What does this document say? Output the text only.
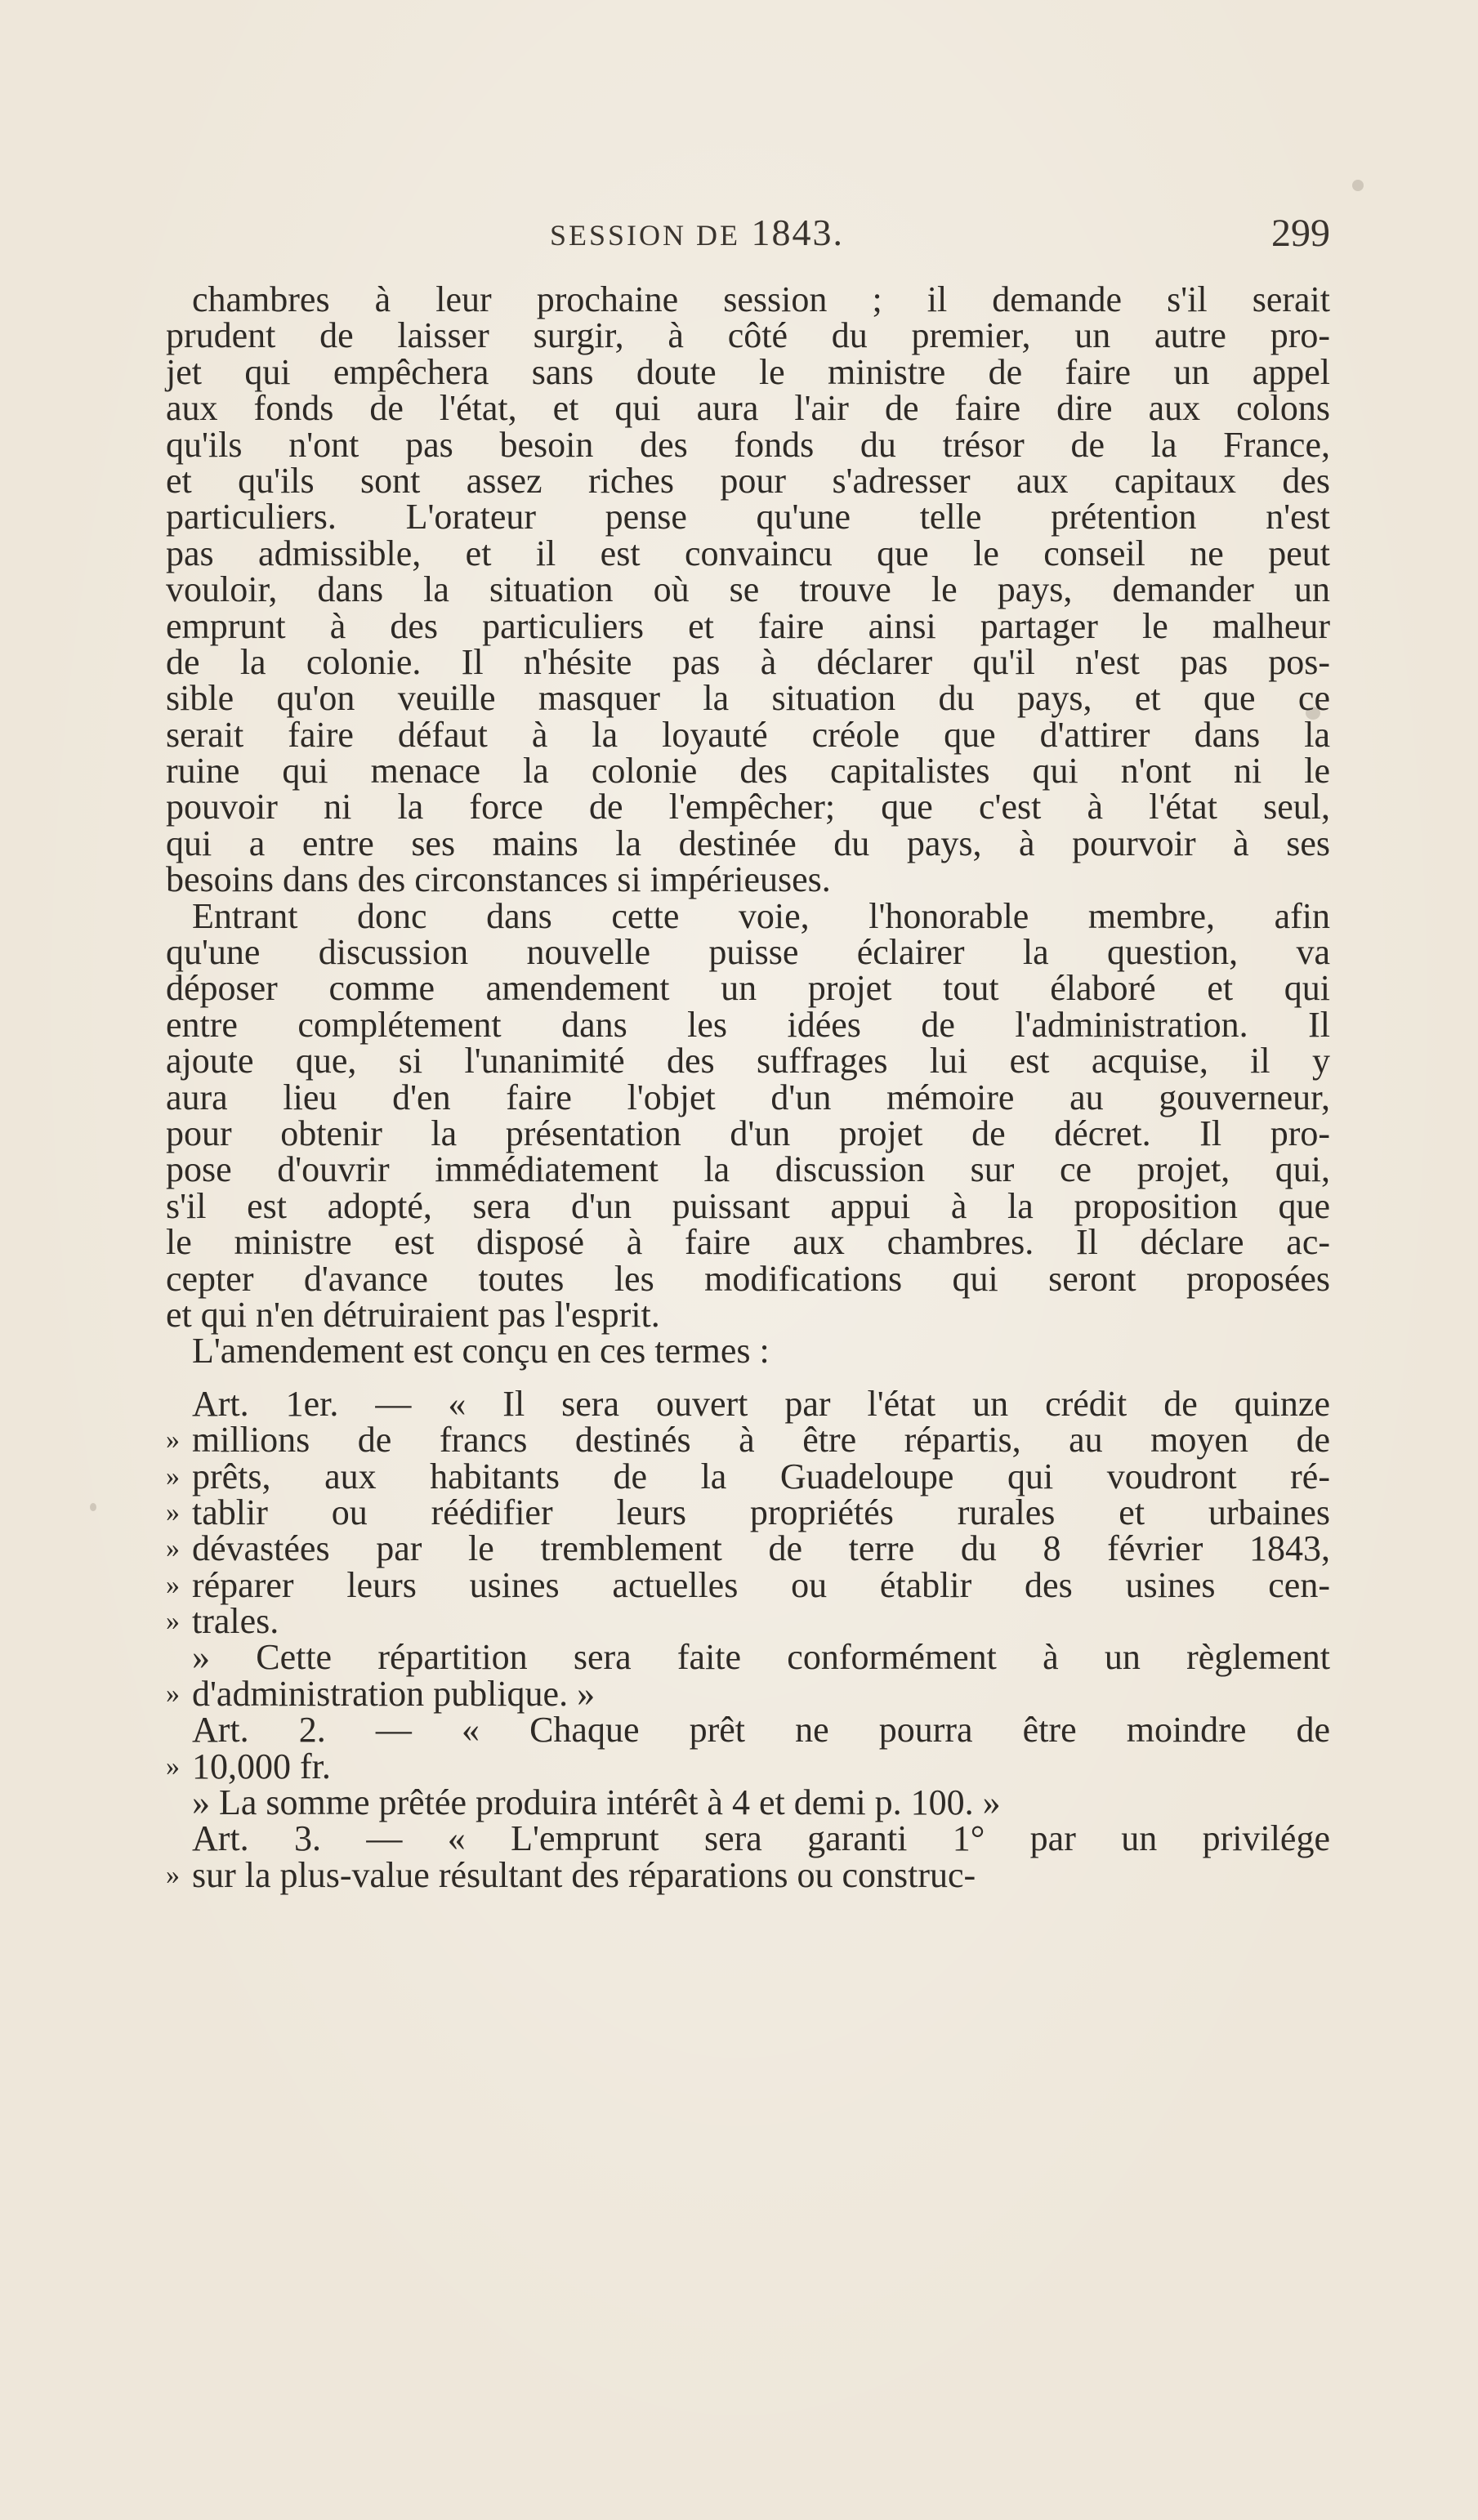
SESSION DE 1843.	299
chambres à leur prochaine session ; il demande s'il serait
prudent de laisser surgir, à côté du premier, un autre pro-
jet qui empêchera sans doute le ministre de faire un appel
aux fonds de l'état, et qui aura l'air de faire dire aux colons
qu'ils n'ont pas besoin des fonds du trésor de la France,
et qu'ils sont assez riches pour s'adresser aux capitaux des
particuliers. L'orateur pense qu'une telle prétention n'est
pas admissible, et il est convaincu que le conseil ne peut
vouloir, dans la situation où se trouve le pays, demander un
emprunt à des particuliers et faire ainsi partager le malheur
de la colonie. Il n'hésite pas à déclarer qu'il n'est pas pos-
sible qu'on veuille masquer la situation du pays, et que ce
serait faire défaut à la loyauté créole que d'attirer dans la
ruine qui menace la colonie des capitalistes qui n'ont ni le
pouvoir ni la force de l'empêcher; que c'est à l'état seul,
qui a entre ses mains la destinée du pays, à pourvoir à ses
besoins dans des circonstances si impérieuses.
Entrant donc dans cette voie, l'honorable membre, afin
qu'une discussion nouvelle puisse éclairer la question, va
déposer comme amendement un projet tout élaboré et qui
entre complétement dans les idées de l'administration. Il
ajoute que, si l'unanimité des suffrages lui est acquise, il y
aura lieu d'en faire l'objet d'un mémoire au gouverneur,
pour obtenir la présentation d'un projet de décret. Il pro-
pose d'ouvrir immédiatement la discussion sur ce projet, qui,
s'il est adopté, sera d'un puissant appui à la proposition que
le ministre est disposé à faire aux chambres. Il déclare ac-
cepter d'avance toutes les modifications qui seront proposées
et qui n'en détruiraient pas l'esprit.
L'amendement est conçu en ces termes :
Art. 1er. — « Il sera ouvert par l'état un crédit de quinze
» millions de francs destinés à être répartis, au moyen de
» prêts, aux habitants de la Guadeloupe qui voudront ré-
» tablir ou réédifier leurs propriétés rurales et urbaines
» dévastées par le tremblement de terre du 8 février 1843,
» réparer leurs usines actuelles ou établir des usines cen-
» trales.
» Cette répartition sera faite conformément à un règlement
» d'administration publique. »
Art. 2. — « Chaque prêt ne pourra être moindre de
» 10,000 fr.
» La somme prêtée produira intérêt à 4 et demi p. 100. »
Art. 3. — « L'emprunt sera garanti 1° par un privilége
» sur la plus-value résultant des réparations ou construc-
